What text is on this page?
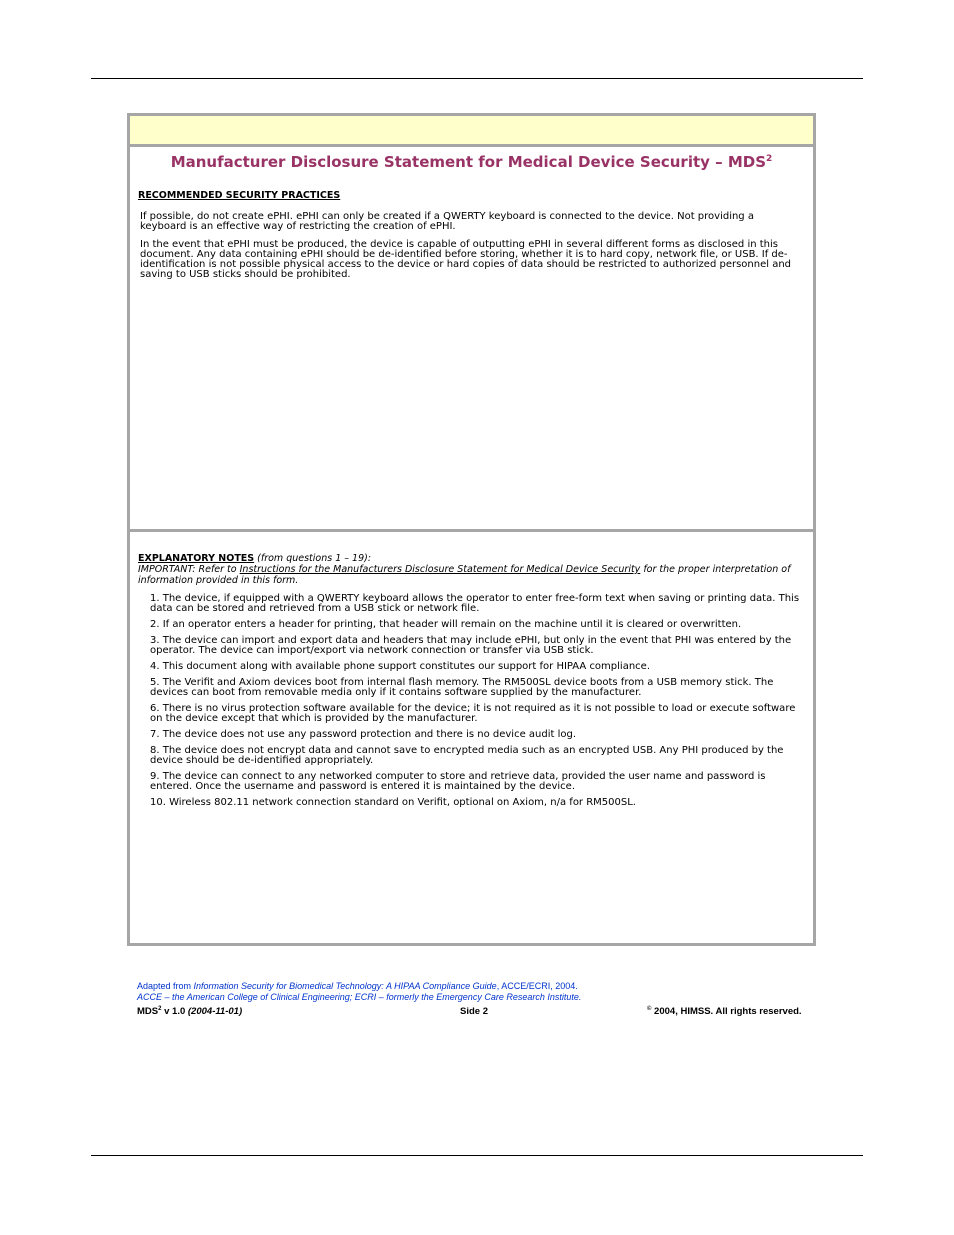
Manufacturer Disclosure Statement for Medical Device Security – MDS$^2$
RECOMMENDED SECURITY PRACTICES
If possible, do not create ePHI. ePHI can only be created if a QWERTY keyboard is connected to the device. Not providing a keyboard is an effective way of restricting the creation of ePHI.
In the event that ePHI must be produced, the device is capable of outputting ePHI in several different forms as disclosed in this document. Any data containing ePHI should be de-identified before storing, whether it is to hard copy, network file, or USB. If de-identification is not possible physical access to the device or hard copies of data should be restricted to authorized personnel and saving to USB sticks should be prohibited.
EXPLANATORY NOTES (from questions 1 – 19):
IMPORTANT: Refer to Instructions for the Manufacturers Disclosure Statement for Medical Device Security for the proper interpretation of information provided in this form.
1. The device, if equipped with a QWERTY keyboard allows the operator to enter free-form text when saving or printing data. This data can be stored and retrieved from a USB stick or network file.
2. If an operator enters a header for printing, that header will remain on the machine until it is cleared or overwritten.
3. The device can import and export data and headers that may include ePHI, but only in the event that PHI was entered by the operator. The device can import/export via network connection or transfer via USB stick.
4. This document along with available phone support constitutes our support for HIPAA compliance.
5. The Verifit and Axiom devices boot from internal flash memory. The RM500SL device boots from a USB memory stick. The devices can boot from removable media only if it contains software supplied by the manufacturer.
6. There is no virus protection software available for the device; it is not required as it is not possible to load or execute software on the device except that which is provided by the manufacturer.
7. The device does not use any password protection and there is no device audit log.
8. The device does not encrypt data and cannot save to encrypted media such as an encrypted USB. Any PHI produced by the device should be de-identified appropriately.
9. The device can connect to any networked computer to store and retrieve data, provided the user name and password is entered. Once the username and password is entered it is maintained by the device.
10. Wireless 802.11 network connection standard on Verifit, optional on Axiom, n/a for RM500SL.
Adapted from Information Security for Biomedical Technology: A HIPAA Compliance Guide, ACCE/ECRI, 2004.
ACCE – the American College of Clinical Engineering; ECRI – formerly the Emergency Care Research Institute.
MDS$^2$ v 1.0 (2004-11-01)	Side 2	© 2004, HIMSS. All rights reserved.
